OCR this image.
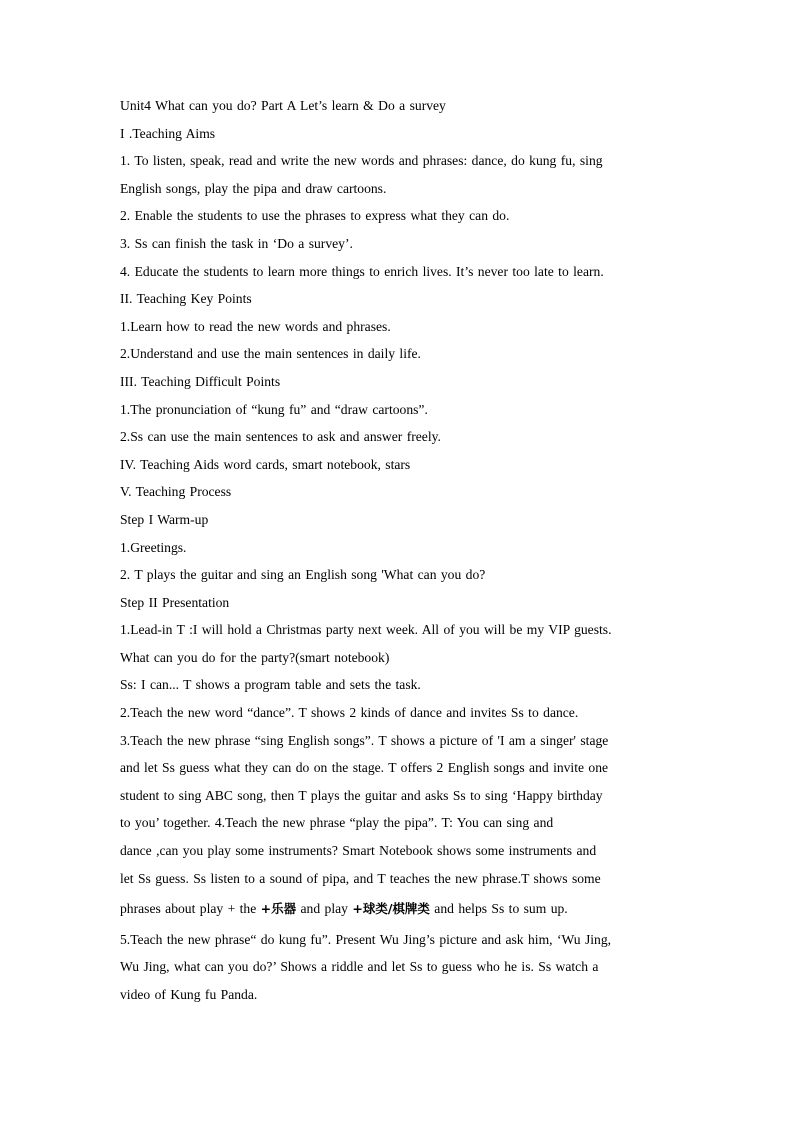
Unit4 What can you do? Part A Let’s learn & Do a survey
I .Teaching Aims
1. To listen, speak, read and write the new words and phrases: dance, do kung fu, sing
English songs, play the pipa and draw cartoons.
2. Enable the students to use the phrases to express what they can do.
3. Ss can finish the task in ‘Do a survey’.
4. Educate the students to learn more things to enrich lives. It’s never too late to learn.
II. Teaching Key Points
1.Learn how to read the new words and phrases.
2.Understand and use the main sentences in daily life.
III. Teaching Difficult Points
1.The pronunciation of “kung fu” and “draw cartoons”.
2.Ss can use the main sentences to ask and answer freely.
IV. Teaching Aids word cards, smart notebook, stars
V. Teaching Process
Step I Warm-up
1.Greetings.
2. T plays the guitar and sing an English song 'What can you do?
Step II Presentation
1.Lead-in T :I will hold a Christmas party next week. All of you will be my VIP guests.
What can you do for the party?(smart notebook)
Ss: I can... T shows a program table and sets the task.
2.Teach the new word “dance”. T shows 2 kinds of dance and invites Ss to dance.
3.Teach the new phrase “sing English songs”. T shows a picture of 'I am a singer' stage
and let Ss guess what they can do on the stage. T offers 2 English songs and invite one
student to sing ABC song, then T plays the guitar and asks Ss to sing ‘Happy birthday
to you’ together. 4.Teach the new phrase “play the pipa”. T: You can sing and
dance ,can you play some instruments? Smart Notebook shows some instruments and
let Ss guess. Ss listen to a sound of pipa, and T teaches the new phrase.T shows some
phrases about play + the +乐器 and play +球类/棋牌类 and helps Ss to sum up.
5.Teach the new phrase“ do kung fu”. Present Wu Jing’s picture and ask him, ‘Wu Jing,
Wu Jing, what can you do?’ Shows a riddle and let Ss to guess who he is. Ss watch a
video of Kung fu Panda.
